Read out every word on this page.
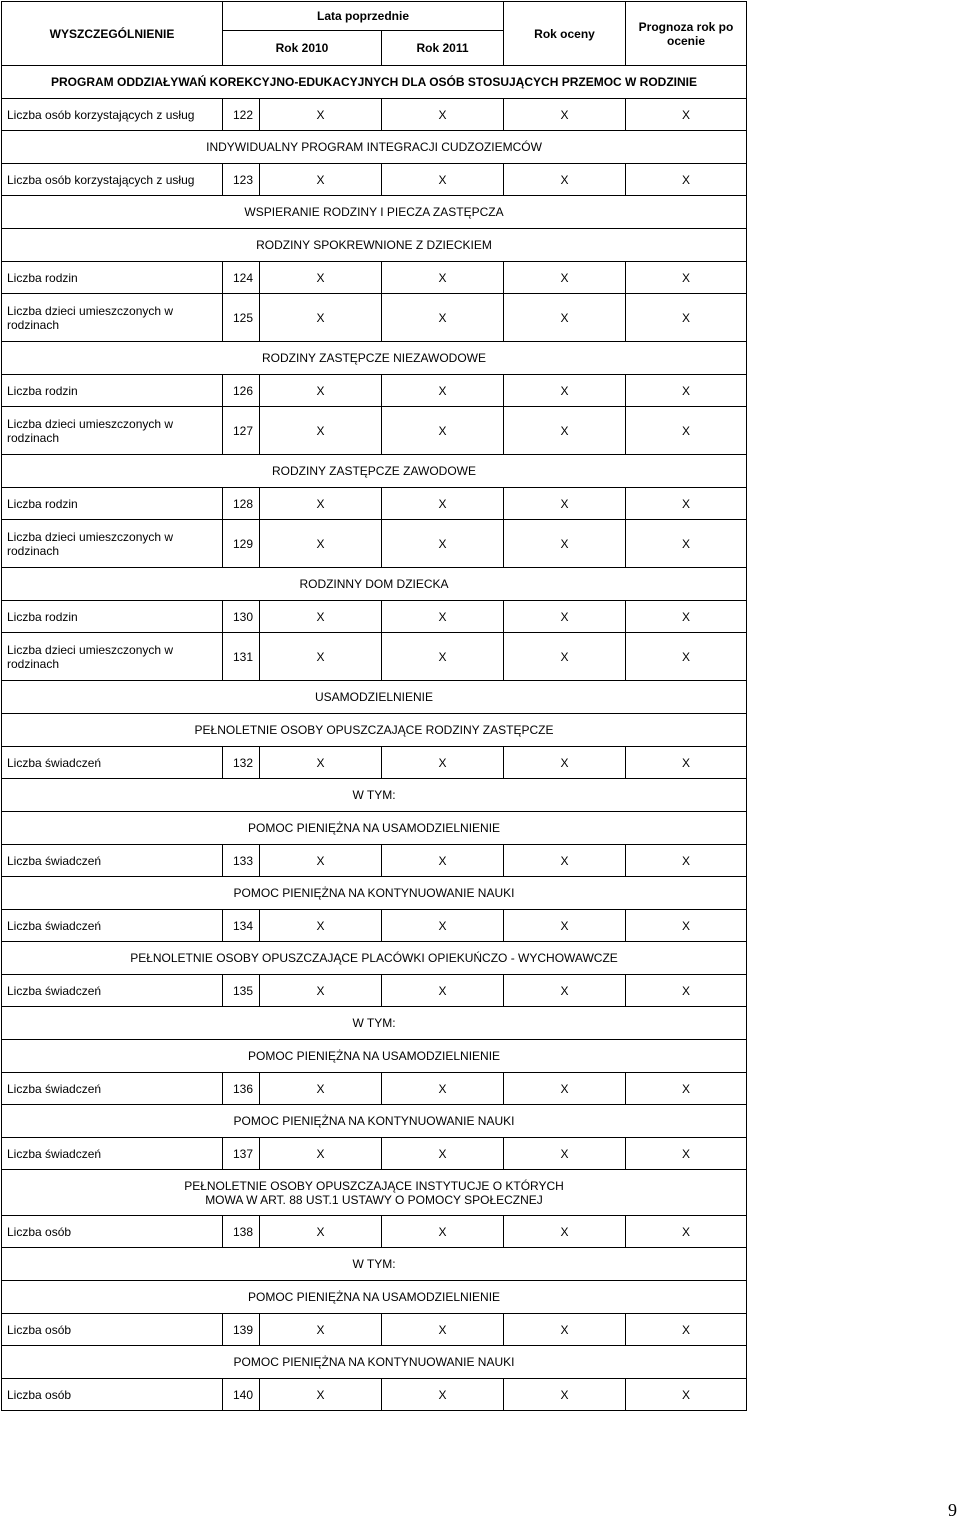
WYSZCZEGÓLNIENIE	Lata poprzednie			Rok oceny	Prognoza rok po ocenie
	Rok 2010		Rok 2011		
PROGRAM ODDZIAŁYWAŃ KOREKCYJNO-EDUKACYJNYCH DLA OSÓB STOSUJĄCYCH PRZEMOC W RODZINIE					
Liczba osób korzystających z usług	122	X	X	X	X
INDYWIDUALNY PROGRAM INTEGRACJI CUDZOZIEMCÓW					
Liczba osób korzystających z usług	123	X	X	X	X
WSPIERANIE RODZINY I PIECZA ZASTĘPCZA					
RODZINY SPOKREWNIONE Z DZIECKIEM					
Liczba rodzin	124	X	X	X	X
Liczba dzieci umieszczonych w rodzinach	125	X	X	X	X
RODZINY ZASTĘPCZE NIEZAWODOWE					
Liczba rodzin	126	X	X	X	X
Liczba dzieci umieszczonych w rodzinach	127	X	X	X	X
RODZINY ZASTĘPCZE ZAWODOWE					
Liczba rodzin	128	X	X	X	X
Liczba dzieci umieszczonych w rodzinach	129	X	X	X	X
RODZINNY DOM DZIECKA					
Liczba rodzin	130	X	X	X	X
Liczba dzieci umieszczonych w rodzinach	131	X	X	X	X
USAMODZIELNIENIE					
PEŁNOLETNIE OSOBY OPUSZCZAJĄCE RODZINY ZASTĘPCZE					
Liczba świadczeń	132	X	X	X	X
W TYM:					
POMOC PIENIĘŻNA NA USAMODZIELNIENIE					
Liczba świadczeń	133	X	X	X	X
POMOC PIENIĘŻNA NA KONTYNUOWANIE NAUKI					
Liczba świadczeń	134	X	X	X	X
PEŁNOLETNIE OSOBY OPUSZCZAJĄCE PLACÓWKI OPIEKUŃCZO - WYCHOWAWCZE					
Liczba świadczeń	135	X	X	X	X
W TYM:					
POMOC PIENIĘŻNA NA USAMODZIELNIENIE					
Liczba świadczeń	136	X	X	X	X
POMOC PIENIĘŻNA NA KONTYNUOWANIE NAUKI					
Liczba świadczeń	137	X	X	X	X

PEŁNOLETNIE OSOBY OPUSZCZAJĄCE INSTYTUCJE O KTÓRYCH
MOWA W ART. 88 UST.1 USTAWY O POMOCY SPOŁECZNEJ					

Liczba osób	138	X	X	X	X
W TYM:					
POMOC PIENIĘŻNA NA USAMODZIELNIENIE					
Liczba osób	139	X	X	X	X
POMOC PIENIĘŻNA NA KONTYNUOWANIE NAUKI					
Liczba osób	140	X	X	X	X
9
